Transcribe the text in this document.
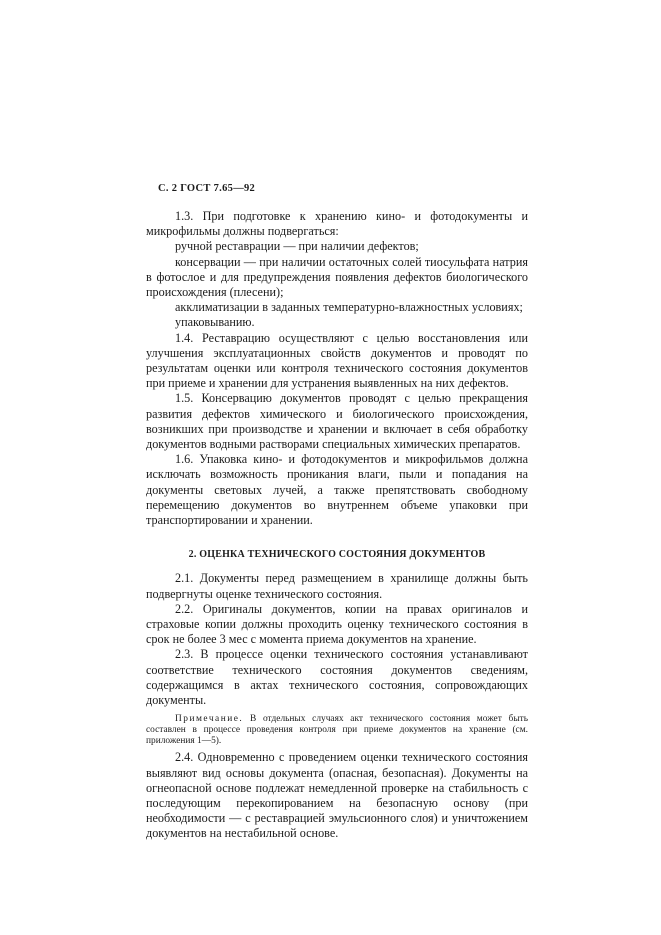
С. 2 ГОСТ 7.65—92

1.3. При подготовке к хранению кино- и фотодокументы и микрофильмы должны подвергаться:

ручной реставрации — при наличии дефектов;

консервации — при наличии остаточных солей тиосульфата натрия в фотослое и для предупреждения появления дефектов биологического происхождения (плесени);

акклиматизации в заданных температурно-влажностных условиях;

упаковыванию.

1.4. Реставрацию осуществляют с целью восстановления или улучшения эксплуатационных свойств документов и проводят по результатам оценки или контроля технического состояния документов при приеме и хранении для устранения выявленных на них дефектов.

1.5. Консервацию документов проводят с целью прекращения развития дефектов химического и биологического происхождения, возникших при производстве и хранении и включает в себя обработку документов водными растворами специальных химических препаратов.

1.6. Упаковка кино- и фотодокументов и микрофильмов должна исключать возможность проникания влаги, пыли и попадания на документы световых лучей, а также препятствовать свободному перемещению документов во внутреннем объеме упаковки при транспортировании и хранении.

2. ОЦЕНКА ТЕХНИЧЕСКОГО СОСТОЯНИЯ ДОКУМЕНТОВ

2.1. Документы перед размещением в хранилище должны быть подвергнуты оценке технического состояния.

2.2. Оригиналы документов, копии на правах оригиналов и страховые копии должны проходить оценку технического состояния в срок не более 3 мес с момента приема документов на хранение.

2.3. В процессе оценки технического состояния устанавливают соответствие технического состояния документов сведениям, содержащимся в актах технического состояния, сопровождающих документы.

Примечание. В отдельных случаях акт технического состояния может быть составлен в процессе проведения контроля при приеме документов на хранение (см. приложения 1—5).

2.4. Одновременно с проведением оценки технического состояния выявляют вид основы документа (опасная, безопасная). Документы на огнеопасной основе подлежат немедленной проверке на стабильность с последующим перекопированием на безопасную основу (при необходимости — с реставрацией эмульсионного слоя) и уничтожением документов на нестабильной основе.
